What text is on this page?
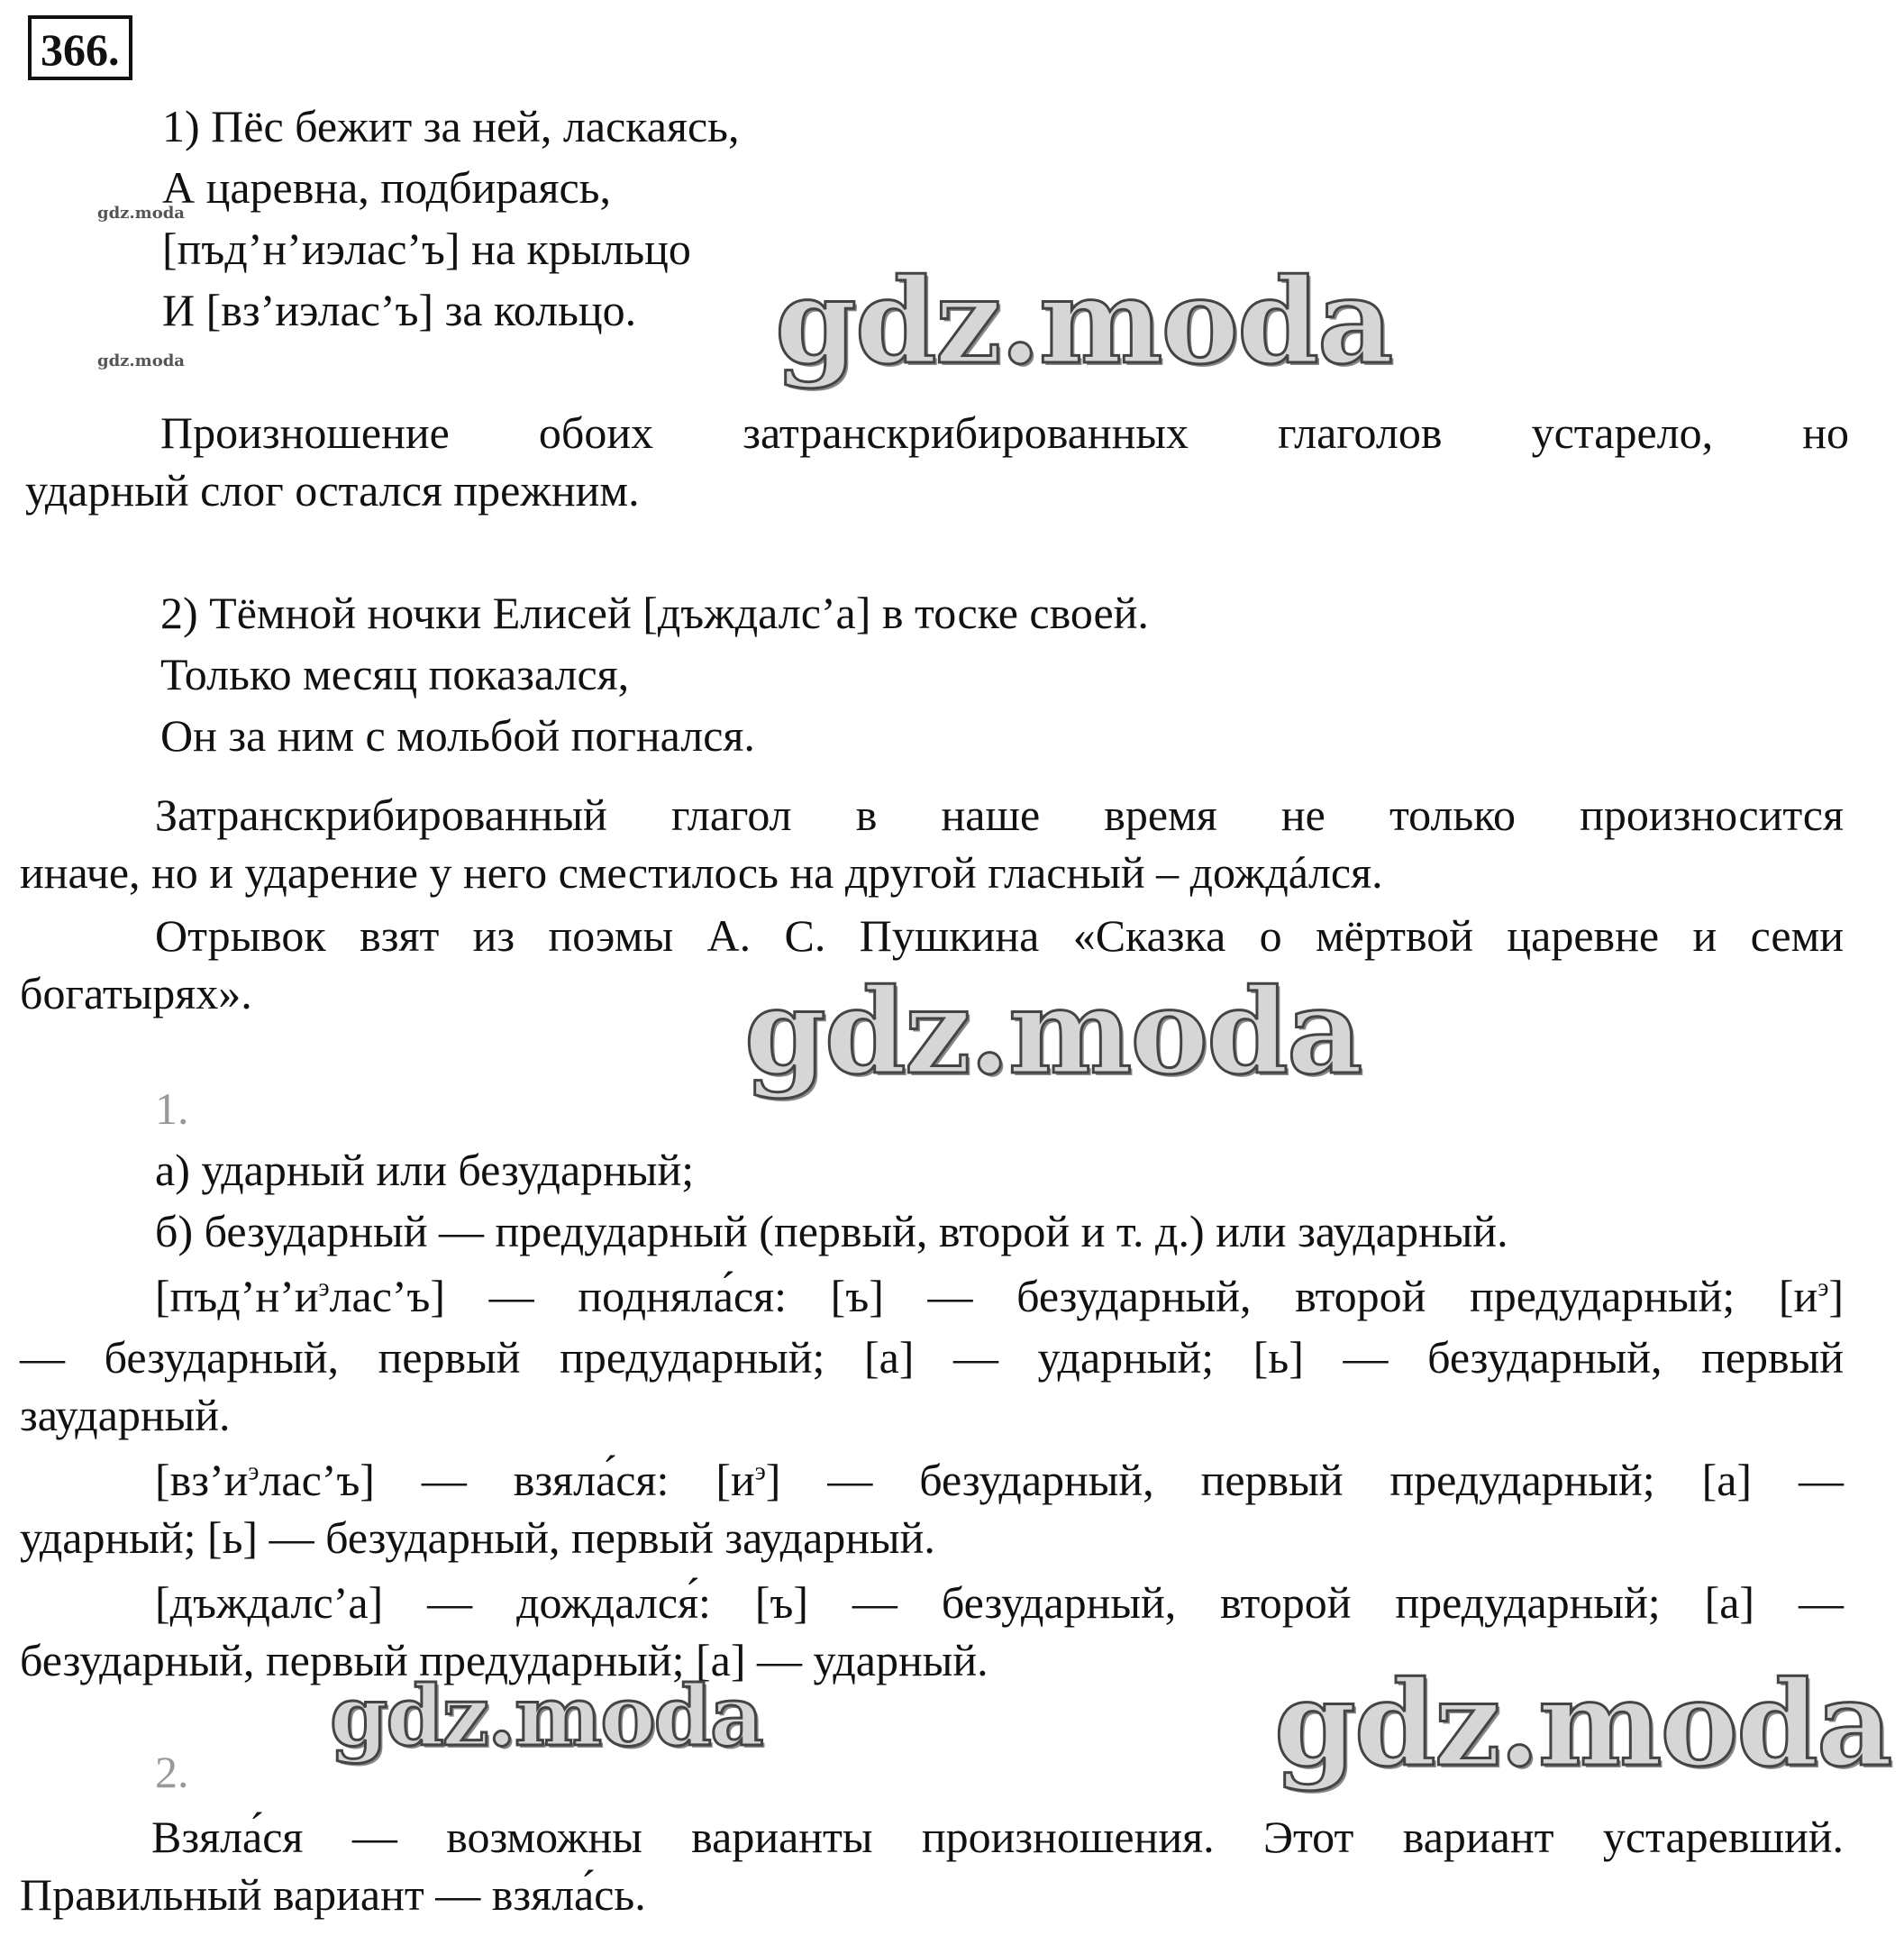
366.
gdz.moda
gdz.moda
1) Пёс бежит за ней, ласкаясь,
А царевна, подбираясь,
[пъд’н’иэлас’ъ] на крыльцо
И [вз’иэлас’ъ] за кольцо. gdz.moda
Произношение обоих затранскрибированных глаголов устарело, но
ударный слог остался прежним.
2) Тёмной ночки Елисей [дъждалс’а] в тоске своей.
Только месяц показался,
Он за ним с мольбой погнался.
Затранскрибированный глагол в наше время не только произносится
иначе, но и ударение у него сместилось на другой гласный – дождáлся.
Отрывок взят из поэмы А. С. Пушкина «Сказка о мёртвой царевне и семи
богатырях».	gdz.moda
1.
а) ударный или безударный;
б) безударный — предударный (первый, второй и т. д.) или заударный.
$[пъд’н’и^элас’ъ]$ — подняла́ся: [ъ] — безударный, второй предударный; $[и^э]$
— безударный, первый предударный; [а] — ударный; [ь] — безударный, первый
заударный.
$[вз’и^элас’ъ]$ — взяла́ся: $[и^э]$ — безударный, первый предударный; [а] —
ударный; [ь] — безударный, первый заударный.
[дъждалс’а] — дождался́: [ъ] — безударный, второй предударный; [а] —
безударный, первый предударный; [а] — ударный.
gdz.moda	gdz.moda
2.
Взяла́ся — возможны варианты произношения. Этот вариант устаревший.
Правильный вариант — взяла́сь.
